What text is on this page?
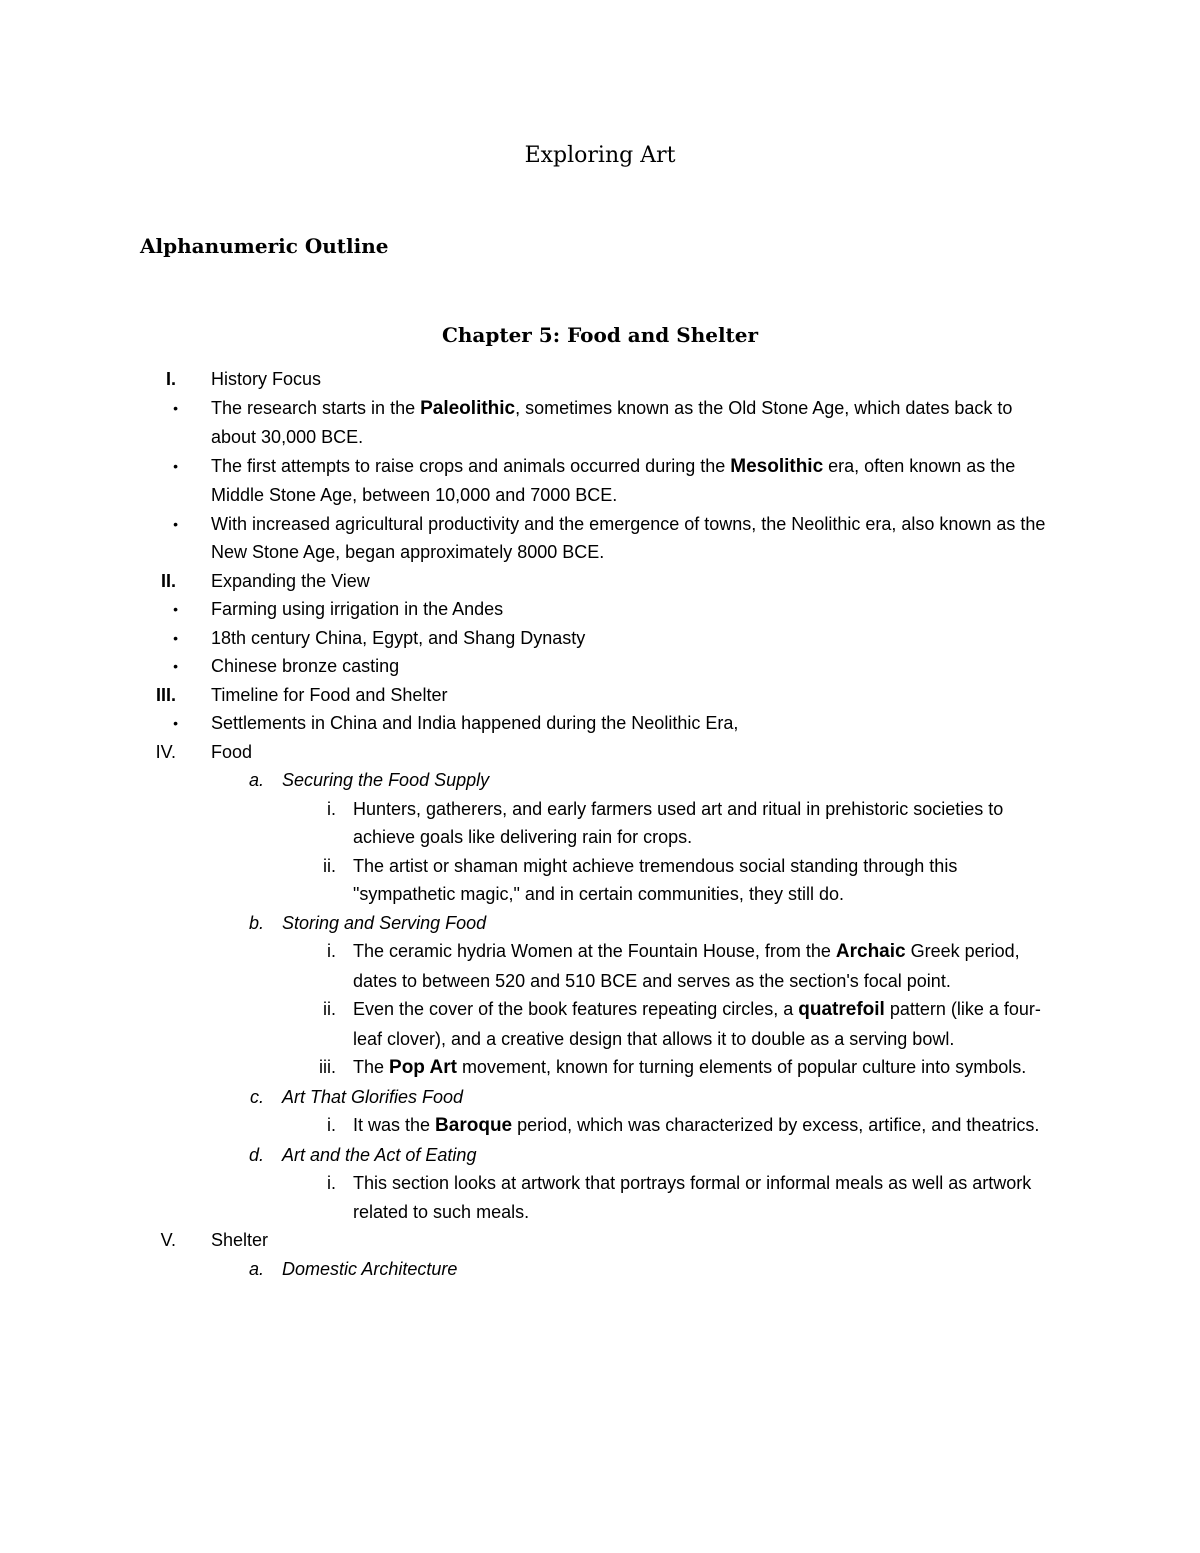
Exploring Art
Alphanumeric Outline
Chapter 5: Food and Shelter
I. History Focus
• The research starts in the Paleolithic, sometimes known as the Old Stone Age, which dates back to about 30,000 BCE.
• The first attempts to raise crops and animals occurred during the Mesolithic era, often known as the Middle Stone Age, between 10,000 and 7000 BCE.
• With increased agricultural productivity and the emergence of towns, the Neolithic era, also known as the New Stone Age, began approximately 8000 BCE.
II. Expanding the View
• Farming using irrigation in the Andes
• 18th century China, Egypt, and Shang Dynasty
• Chinese bronze casting
III. Timeline for Food and Shelter
• Settlements in China and India happened during the Neolithic Era,
IV. Food
a. Securing the Food Supply
i. Hunters, gatherers, and early farmers used art and ritual in prehistoric societies to achieve goals like delivering rain for crops.
ii. The artist or shaman might achieve tremendous social standing through this "sympathetic magic," and in certain communities, they still do.
b. Storing and Serving Food
i. The ceramic hydria Women at the Fountain House, from the Archaic Greek period, dates to between 520 and 510 BCE and serves as the section's focal point.
ii. Even the cover of the book features repeating circles, a quatrefoil pattern (like a four-leaf clover), and a creative design that allows it to double as a serving bowl.
iii. The Pop Art movement, known for turning elements of popular culture into symbols.
c. Art That Glorifies Food
i. It was the Baroque period, which was characterized by excess, artifice, and theatrics.
d. Art and the Act of Eating
i. This section looks at artwork that portrays formal or informal meals as well as artwork related to such meals.
V. Shelter
a. Domestic Architecture
